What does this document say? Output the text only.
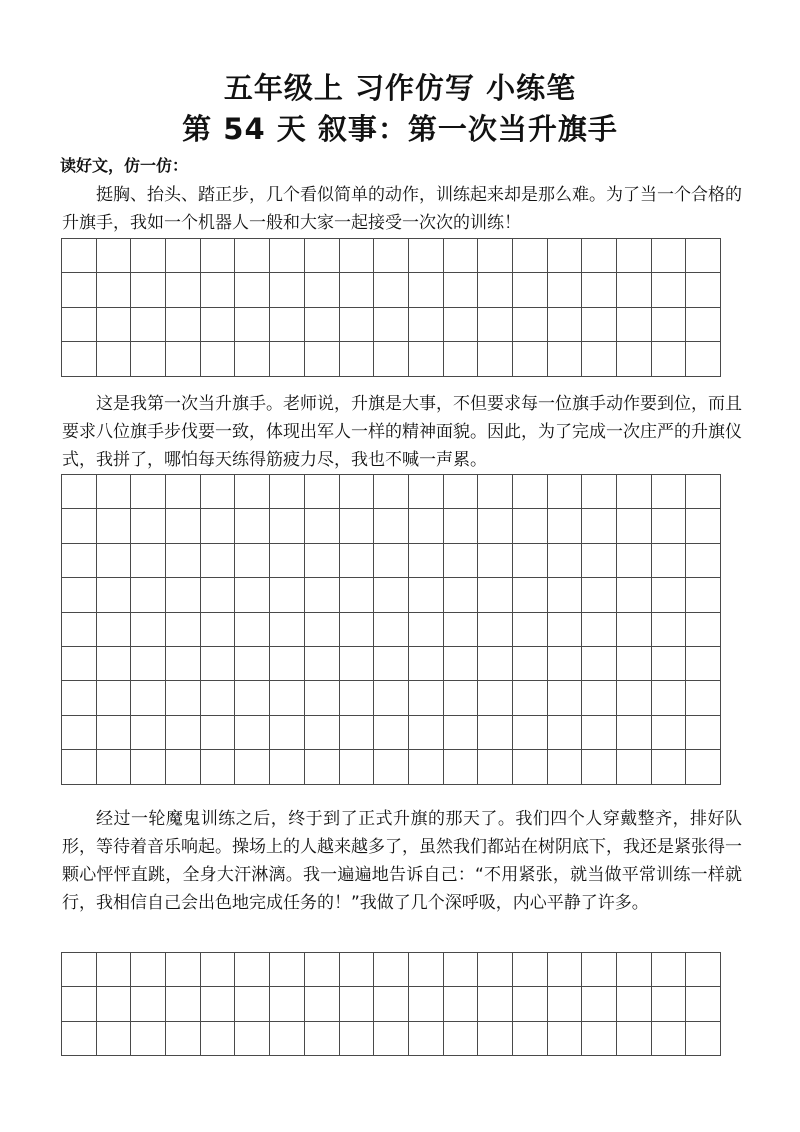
五年级上 习作仿写 小练笔
第 54 天 叙事：第一次当升旗手
读好文，仿一仿：

挺胸、抬头、踏正步，几个看似简单的动作，训练起来却是那么难。为了当一个合格的升旗手，我如一个机器人一般和大家一起接受一次次的训练！

这是我第一次当升旗手。老师说，升旗是大事，不但要求每一位旗手动作要到位，而且要求八位旗手步伐要一致，体现出军人一样的精神面貌。因此，为了完成一次庄严的升旗仪式，我拼了，哪怕每天练得筋疲力尽，我也不喊一声累。

经过一轮魔鬼训练之后，终于到了正式升旗的那天了。我们四个人穿戴整齐，排好队形，等待着音乐响起。操场上的人越来越多了，虽然我们都站在树阴底下，我还是紧张得一颗心怦怦直跳，全身大汗淋漓。我一遍遍地告诉自己：“不用紧张，就当做平常训练一样就行，我相信自己会出色地完成任务的！”我做了几个深呼吸，内心平静了许多。
